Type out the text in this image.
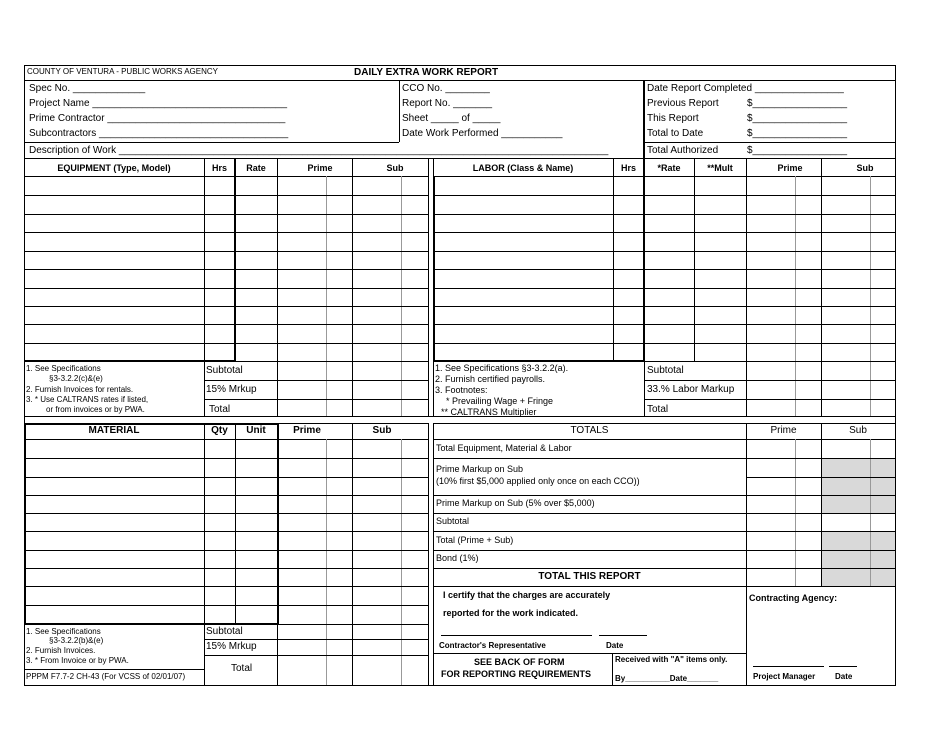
COUNTY OF VENTURA - PUBLIC WORKS AGENCY	DAILY EXTRA WORK REPORT
Spec No. _____________
Project Name ___________________________________
Prime Contractor ________________________________
Subcontractors __________________________________
Description of Work ________________________________________________________________________________________
CCO No. ________
Report No. _______
Sheet _____ of _____
Date Work Performed ___________
Date Report Completed ________________
Previous Report	$_________________
This Report	$_________________
Total to Date	$_________________
Total Authorized	$_________________
EQUIPMENT (Type, Model)	Hrs	Rate	Prime	Sub	LABOR (Class & Name)	Hrs	*Rate	**Mult	Prime	Sub
Subtotal
15% Mrkup
Total
1. See Specifications
§3-3.2.2(c)&(e)
2. Furnish Invoices for rentals.
3. * Use CALTRANS rates if listed,
or from invoices or by PWA.
Subtotal
33.% Labor Markup
Total
1. See Specifications §3-3.2.2(a).
2. Furnish certified payrolls.
3. Footnotes:
* Prevailing Wage + Fringe
** CALTRANS Multiplier
MATERIAL	Qty	Unit	Prime	Sub
Subtotal
15% Mrkup
Total
1. See Specifications
§3-3.2.2(b)&(e)
2. Furnish Invoices.
3. * From Invoice or by PWA.
PPPM F7.7-2 CH-43 (For VCSS of 02/01/07)
TOTALS	Prime	Sub
Total Equipment, Material & Labor
Prime Markup on Sub
(10% first $5,000 applied only once on each CCO))
Prime Markup on Sub (5% over $5,000)
Subtotal
Total (Prime + Sub)
Bond (1%)
TOTAL THIS REPORT
I certify that the charges are accurately
reported for the work indicated.
Contractor's Representative	Date
SEE BACK OF FORM
FOR REPORTING REQUIREMENTS
Received with "A" items only.
By__________Date_______
Contracting Agency:
Project Manager Date
